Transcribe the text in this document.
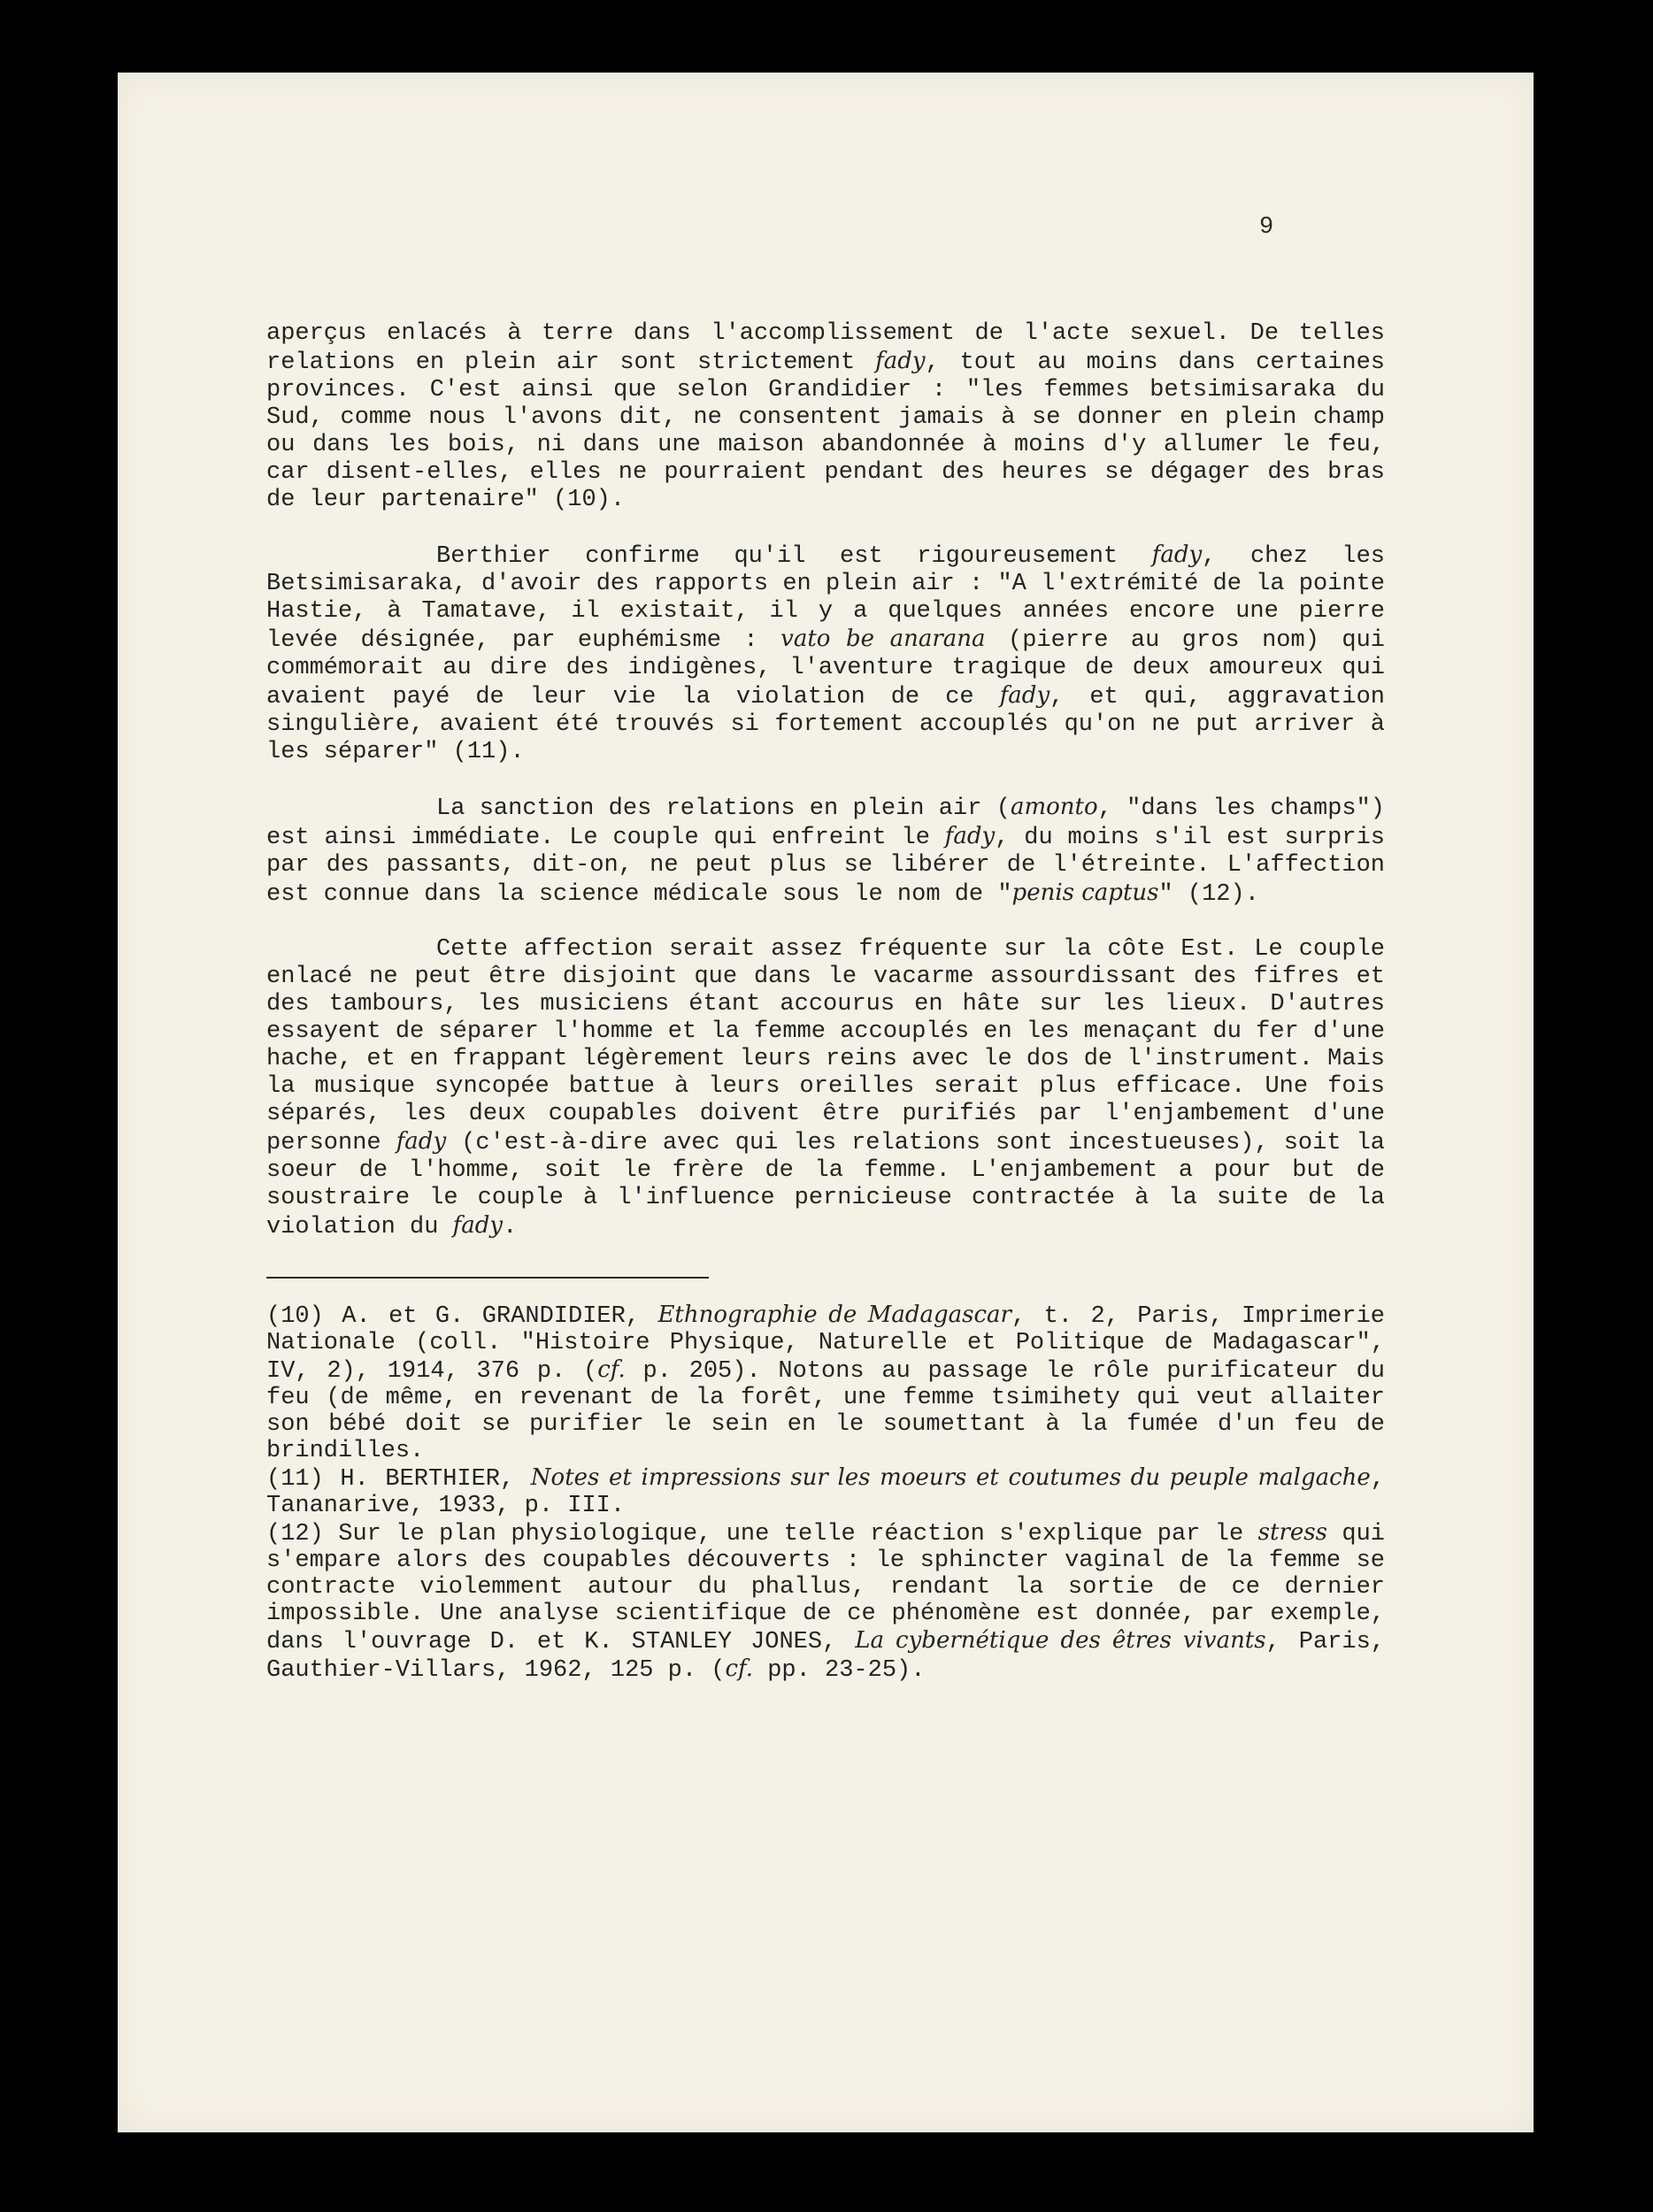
9

aperçus enlacés à terre dans l'accomplissement de l'acte sexuel. De telles relations en plein air sont strictement fady, tout au moins dans certaines provinces. C'est ainsi que selon Grandidier : "les femmes betsimisaraka du Sud, comme nous l'avons dit, ne consentent jamais à se donner en plein champ ou dans les bois, ni dans une maison abandonnée à moins d'y allumer le feu, car disent-elles, elles ne pourraient pendant des heures se dégager des bras de leur partenaire" (10).

Berthier confirme qu'il est rigoureusement fady, chez les Betsimisaraka, d'avoir des rapports en plein air : "A l'extrémité de la pointe Hastie, à Tamatave, il existait, il y a quelques années encore une pierre levée désignée, par euphémisme : vato be anarana (pierre au gros nom) qui commémorait au dire des indigènes, l'aventure tragique de deux amoureux qui avaient payé de leur vie la violation de ce fady, et qui, aggravation singulière, avaient été trouvés si fortement accouplés qu'on ne put arriver à les séparer" (11).

La sanction des relations en plein air (amonto, "dans les champs") est ainsi immédiate. Le couple qui enfreint le fady, du moins s'il est surpris par des passants, dit-on, ne peut plus se libérer de l'étreinte. L'affection est connue dans la science médicale sous le nom de "penis captus" (12).

Cette affection serait assez fréquente sur la côte Est. Le couple enlacé ne peut être disjoint que dans le vacarme assourdissant des fifres et des tambours, les musiciens étant accourus en hâte sur les lieux. D'autres essayent de séparer l'homme et la femme accouplés en les menaçant du fer d'une hache, et en frappant légèrement leurs reins avec le dos de l'instrument. Mais la musique syncopée battue à leurs oreilles serait plus efficace. Une fois séparés, les deux coupables doivent être purifiés par l'enjambement d'une personne fady (c'est-à-dire avec qui les relations sont incestueuses), soit la soeur de l'homme, soit le frère de la femme. L'enjambement a pour but de soustraire le couple à l'influence pernicieuse contractée à la suite de la violation du fady.

(10) A. et G. GRANDIDIER, Ethnographie de Madagascar, t. 2, Paris, Imprimerie Nationale (coll. "Histoire Physique, Naturelle et Politique de Madagascar", IV, 2), 1914, 376 p. (cf. p. 205). Notons au passage le rôle purificateur du feu (de même, en revenant de la forêt, une femme tsimihety qui veut allaiter son bébé doit se purifier le sein en le soumettant à la fumée d'un feu de brindilles.

(11) H. BERTHIER, Notes et impressions sur les moeurs et coutumes du peuple malgache, Tananarive, 1933, p. III.

(12) Sur le plan physiologique, une telle réaction s'explique par le stress qui s'empare alors des coupables découverts : le sphincter vaginal de la femme se contracte violemment autour du phallus, rendant la sortie de ce dernier impossible. Une analyse scientifique de ce phénomène est donnée, par exemple, dans l'ouvrage D. et K. STANLEY JONES, La cybernétique des êtres vivants, Paris, Gauthier-Villars, 1962, 125 p. (cf. pp. 23-25).
